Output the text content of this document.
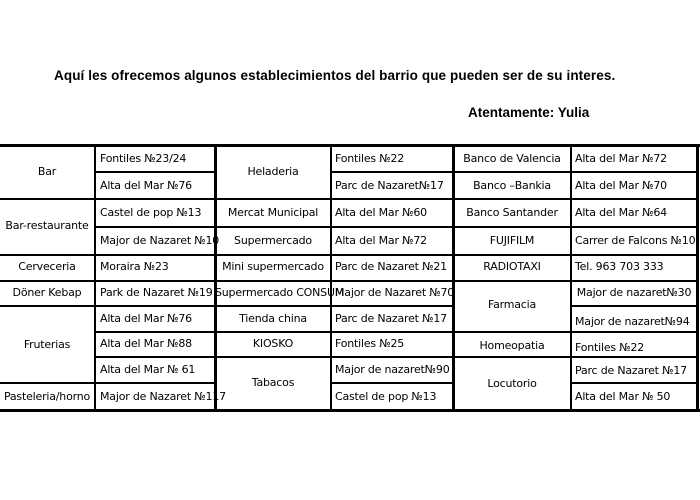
Aquí les ofrecemos algunos establecimientos del barrio que pueden ser de su interes.
Atentamente: Yulia
Bar
Bar-restaurante
Cerveceria
Döner Kebap
Fruterias
Pasteleria/horno
Fontiles №23/24
Alta del Mar №76
Castel de pop №13
Major de Nazaret №10
Moraira №23
Park de Nazaret №19
Alta del Mar №76
Alta del Mar №88
Alta del Mar № 61
Major de Nazaret №117
Heladeria
Mercat Municipal
Supermercado
Mini supermercado
Supermercado CONSUM
Tienda china
KIOSKO
Tabacos
Fontiles №22
Parc de Nazaret№17
Alta del Mar №60
Alta del Mar №72
Parc de Nazaret №21
Major de Nazaret №70
Parc de Nazaret №17
Fontiles №25
Major de nazaret№90
Castel de pop №13
Banco de Valencia
Banco –Bankia
Banco Santander
FUJIFILM
RADIOTAXI
Farmacia
Homeopatia
Locutorio
Alta del Mar №72
Alta del Mar №70
Alta del Mar №64
Carrer de Falcons №10
Tel. 963 703 333
Major de nazaret№30
Major de nazaret№94
Fontiles №22
Parc de Nazaret №17
Alta del Mar № 50
